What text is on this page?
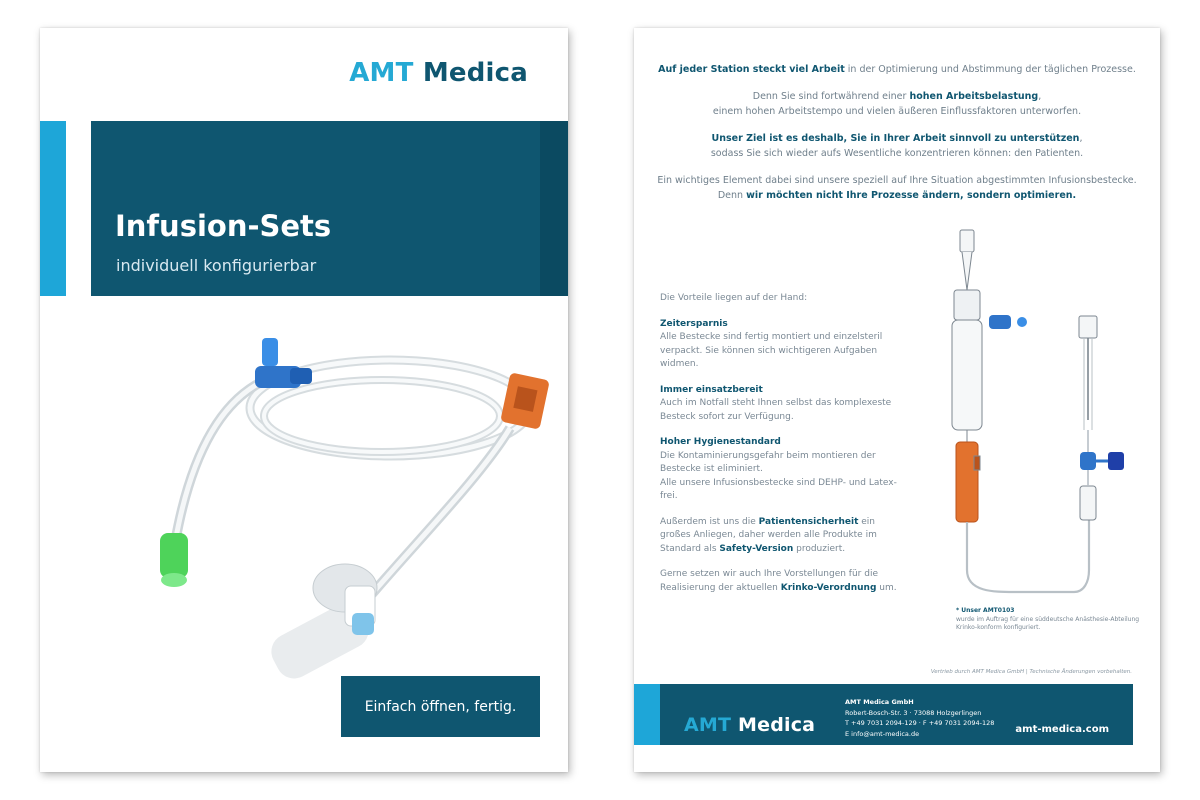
AMT Medica
Infusion-Sets
individuell konfigurierbar
Einfach öffnen, fertig.

Auf jeder Station steckt viel Arbeit in der Optimierung und Abstimmung der täglichen Prozesse.

Denn Sie sind fortwährend einer hohen Arbeitsbelastung,
einem hohen Arbeitstempo und vielen äußeren Einflussfaktoren unterworfen.

Unser Ziel ist es deshalb, Sie in Ihrer Arbeit sinnvoll zu unterstützen,
sodass Sie sich wieder aufs Wesentliche konzentrieren können: den Patienten.

Ein wichtiges Element dabei sind unsere speziell auf Ihre Situation abgestimmten Infusionsbestecke.
Denn wir möchten nicht Ihre Prozesse ändern, sondern optimieren.

Die Vorteile liegen auf der Hand:

Zeitersparnis
Alle Bestecke sind fertig montiert und einzelsteril verpackt. Sie können sich wichtigeren Aufgaben widmen.

Immer einsatzbereit
Auch im Notfall steht Ihnen selbst das komplexeste Besteck sofort zur Verfügung.

Hoher Hygienestandard
Die Kontaminierungsgefahr beim montieren der Bestecke ist eliminiert.
Alle unsere Infusionsbestecke sind DEHP- und Latex-frei.

Außerdem ist uns die Patientensicherheit ein großes Anliegen, daher werden alle Produkte im Standard als Safety-Version produziert.

Gerne setzen wir auch Ihre Vorstellungen für die Realisierung der aktuellen Krinko-Verordnung um.

* Unser AMT0103
wurde im Auftrag für eine süddeutsche Anästhesie-Abteilung Krinko-konform konfiguriert.
Vertrieb durch AMT Medica GmbH | Technische Änderungen vorbehalten.
AMT Medica
AMT Medica GmbH
Robert-Bosch-Str. 3 · 73088 Holzgerlingen
T +49 7031 2094-129 · F +49 7031 2094-128
E info@amt-medica.de	amt-medica.com
